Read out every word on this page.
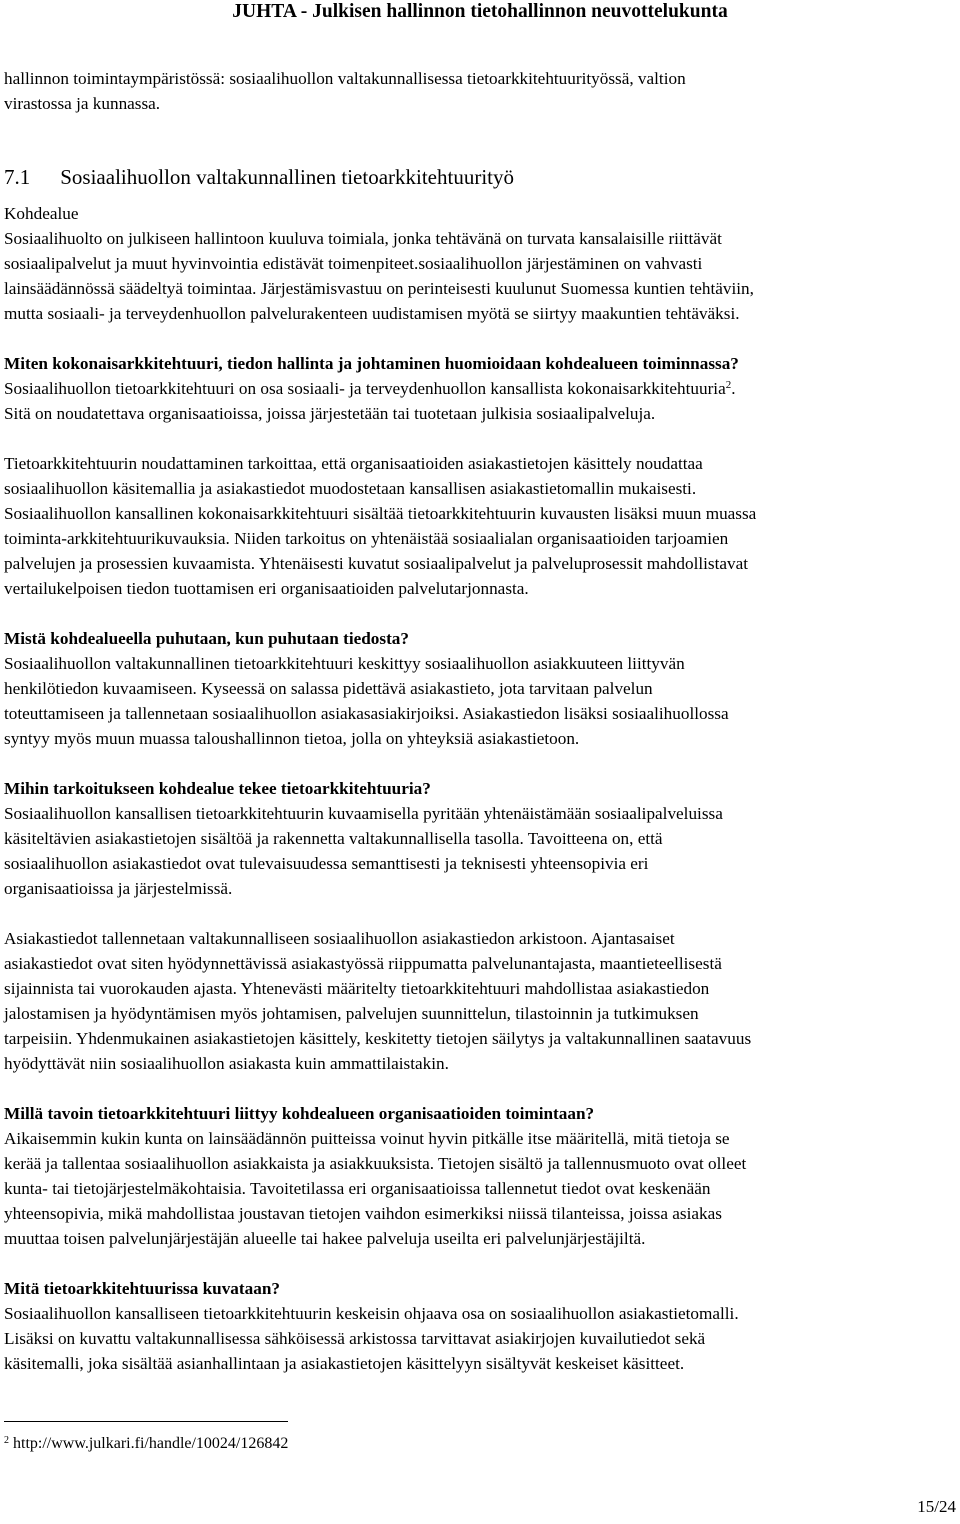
JUHTA - Julkisen hallinnon tietohallinnon neuvottelukunta

hallinnon toimintaympäristössä: sosiaalihuollon valtakunnallisessa tietoarkkitehtuurityössä, valtion

virastossa ja kunnassa.

7.1 Sosiaalihuollon valtakunnallinen tietoarkkitehtuurityö

Kohdealue

Sosiaalihuolto on julkiseen hallintoon kuuluva toimiala, jonka tehtävänä on turvata kansalaisille riittävät

sosiaalipalvelut ja muut hyvinvointia edistävät toimenpiteet.sosiaalihuollon järjestäminen on vahvasti

lainsäädännössä säädeltyä toimintaa. Järjestämisvastuu on perinteisesti kuulunut Suomessa kuntien tehtäviin,

mutta sosiaali- ja terveydenhuollon palvelurakenteen uudistamisen myötä se siirtyy maakuntien tehtäväksi.

Miten kokonaisarkkitehtuuri, tiedon hallinta ja johtaminen huomioidaan kohdealueen toiminnassa?

Sosiaalihuollon tietoarkkitehtuuri on osa sosiaali- ja terveydenhuollon kansallista kokonaisarkkitehtuuria$^2$.

Sitä on noudatettava organisaatioissa, joissa järjestetään tai tuotetaan julkisia sosiaalipalveluja.

Tietoarkkitehtuurin noudattaminen tarkoittaa, että organisaatioiden asiakastietojen käsittely noudattaa

sosiaalihuollon käsitemallia ja asiakastiedot muodostetaan kansallisen asiakastietomallin mukaisesti.

Sosiaalihuollon kansallinen kokonaisarkkitehtuuri sisältää tietoarkkitehtuurin kuvausten lisäksi muun muassa

toiminta-arkkitehtuurikuvauksia. Niiden tarkoitus on yhtenäistää sosiaalialan organisaatioiden tarjoamien

palvelujen ja prosessien kuvaamista. Yhtenäisesti kuvatut sosiaalipalvelut ja palveluprosessit mahdollistavat

vertailukelpoisen tiedon tuottamisen eri organisaatioiden palvelutarjonnasta.

Mistä kohdealueella puhutaan, kun puhutaan tiedosta?

Sosiaalihuollon valtakunnallinen tietoarkkitehtuuri keskittyy sosiaalihuollon asiakkuuteen liittyvän

henkilötiedon kuvaamiseen. Kyseessä on salassa pidettävä asiakastieto, jota tarvitaan palvelun

toteuttamiseen ja tallennetaan sosiaalihuollon asiakasasiakirjoiksi. Asiakastiedon lisäksi sosiaalihuollossa

syntyy myös muun muassa taloushallinnon tietoa, jolla on yhteyksiä asiakastietoon.

Mihin tarkoitukseen kohdealue tekee tietoarkkitehtuuria?

Sosiaalihuollon kansallisen tietoarkkitehtuurin kuvaamisella pyritään yhtenäistämään sosiaalipalveluissa

käsiteltävien asiakastietojen sisältöä ja rakennetta valtakunnallisella tasolla. Tavoitteena on, että

sosiaalihuollon asiakastiedot ovat tulevaisuudessa semanttisesti ja teknisesti yhteensopivia eri

organisaatioissa ja järjestelmissä.

Asiakastiedot tallennetaan valtakunnalliseen sosiaalihuollon asiakastiedon arkistoon. Ajantasaiset

asiakastiedot ovat siten hyödynnettävissä asiakastyössä riippumatta palvelunantajasta, maantieteellisestä

sijainnista tai vuorokauden ajasta. Yhtenevästi määritelty tietoarkkitehtuuri mahdollistaa asiakastiedon

jalostamisen ja hyödyntämisen myös johtamisen, palvelujen suunnittelun, tilastoinnin ja tutkimuksen

tarpeisiin. Yhdenmukainen asiakastietojen käsittely, keskitetty tietojen säilytys ja valtakunnallinen saatavuus

hyödyttävät niin sosiaalihuollon asiakasta kuin ammattilaistakin.

Millä tavoin tietoarkkitehtuuri liittyy kohdealueen organisaatioiden toimintaan?

Aikaisemmin kukin kunta on lainsäädännön puitteissa voinut hyvin pitkälle itse määritellä, mitä tietoja se

kerää ja tallentaa sosiaalihuollon asiakkaista ja asiakkuuksista. Tietojen sisältö ja tallennusmuoto ovat olleet

kunta- tai tietojärjestelmäkohtaisia. Tavoitetilassa eri organisaatioissa tallennetut tiedot ovat keskenään

yhteensopivia, mikä mahdollistaa joustavan tietojen vaihdon esimerkiksi niissä tilanteissa, joissa asiakas

muuttaa toisen palvelunjärjestäjän alueelle tai hakee palveluja useilta eri palvelunjärjestäjiltä.

Mitä tietoarkkitehtuurissa kuvataan?

Sosiaalihuollon kansalliseen tietoarkkitehtuurin keskeisin ohjaava osa on sosiaalihuollon asiakastietomalli.

Lisäksi on kuvattu valtakunnallisessa sähköisessä arkistossa tarvittavat asiakirjojen kuvailutiedot sekä

käsitemalli, joka sisältää asianhallintaan ja asiakastietojen käsittelyyn sisältyvät keskeiset käsitteet.

$^2$ http://www.julkari.fi/handle/10024/126842
15/24
